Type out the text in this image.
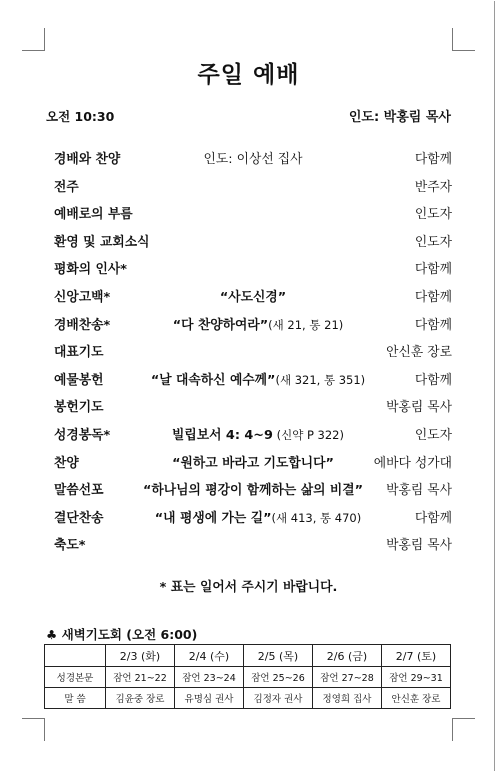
주일 예배
오전 10:30	인도: 박홍림 목사
경배와 찬양	인도: 이상선 집사	다함께
전주	반주자
예배로의 부름	인도자
환영 및 교회소식	인도자
평화의 인사*	다함께
신앙고백*	“사도신경”	다함께
경배찬송*	“다 찬양하여라”(새 21, 통 21)	다함께
대표기도	안신훈 장로
예물봉헌	“날 대속하신 예수께”(새 321, 통 351)	다함께
봉헌기도	박홍림 목사
성경봉독*	빌립보서 4: 4~9 (신약 P 322)	인도자
찬양	“원하고 바라고 기도합니다”	에바다 성가대
말씀선포	“하나님의 평강이 함께하는 삶의 비결”	박홍림 목사
결단찬송	“내 평생에 가는 길”(새 413, 통 470)	다함께
축도*	박홍림 목사
* 표는 일어서 주시기 바랍니다.
♣ 새벽기도회 (오전 6:00)
	2/3 (화)	2/4 (수)	2/5 (목)	2/6 (금)	2/7 (토)
성경본문	잠언 21~22	잠언 23~24	잠언 25~26	잠언 27~28	잠언 29~31
말 씀	김윤중 장로	유명심 권사	김정자 권사	정영희 집사	안신훈 장로
